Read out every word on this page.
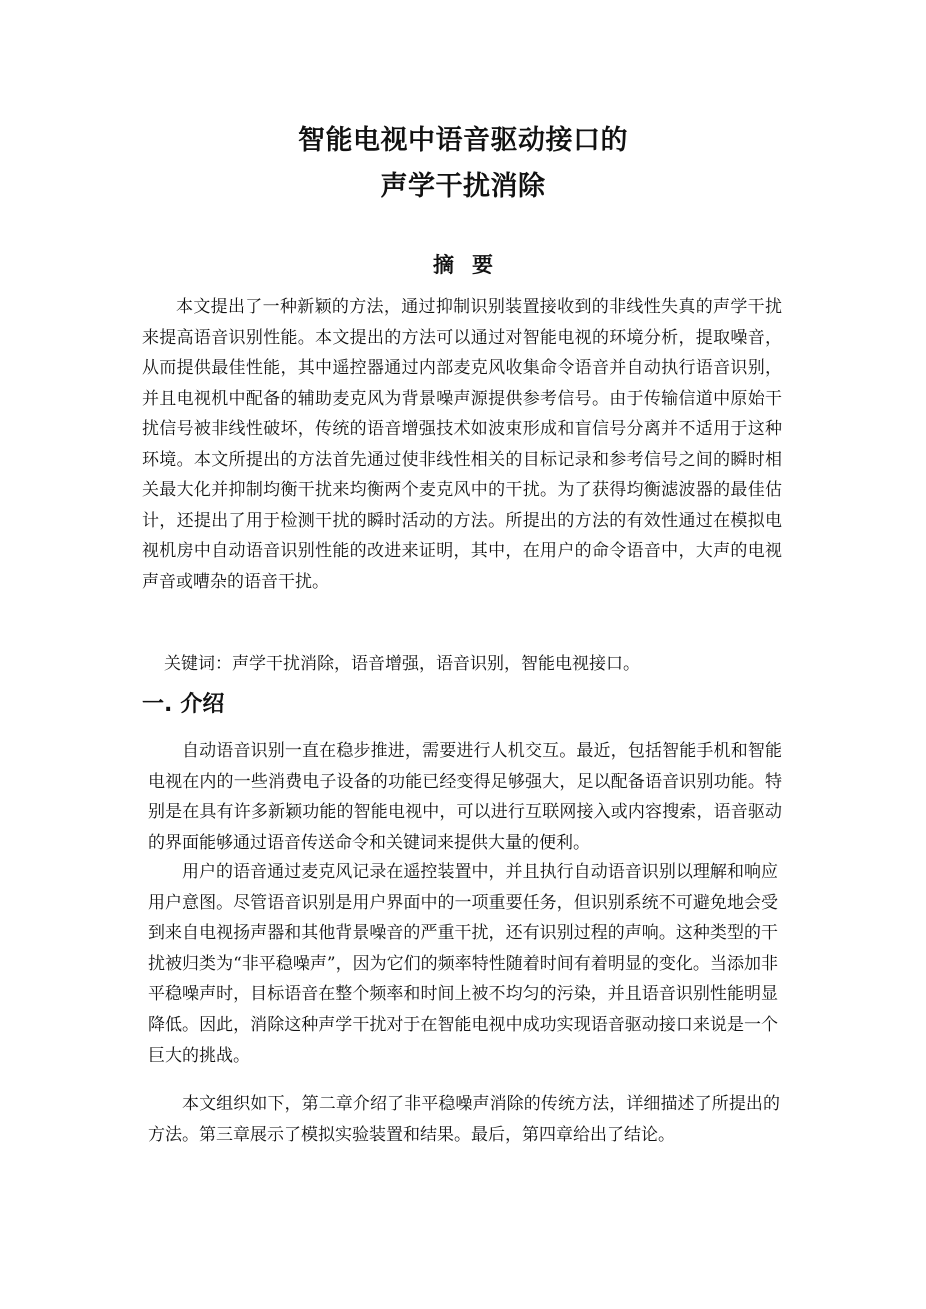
智能电视中语音驱动接口的
声学干扰消除
摘要

本文提出了一种新颖的方法，通过抑制识别装置接收到的非线性失真的声学干扰来提高语音识别性能。本文提出的方法可以通过对智能电视的环境分析，提取噪音，从而提供最佳性能，其中遥控器通过内部麦克风收集命令语音并自动执行语音识别，并且电视机中配备的辅助麦克风为背景噪声源提供参考信号。由于传输信道中原始干扰信号被非线性破坏，传统的语音增强技术如波束形成和盲信号分离并不适用于这种环境。本文所提出的方法首先通过使非线性相关的目标记录和参考信号之间的瞬时相关最大化并抑制均衡干扰来均衡两个麦克风中的干扰。为了获得均衡滤波器的最佳估计，还提出了用于检测干扰的瞬时活动的方法。所提出的方法的有效性通过在模拟电视机房中自动语音识别性能的改进来证明，其中，在用户的命令语音中，大声的电视声音或嘈杂的语音干扰。

关键词：声学干扰消除，语音增强，语音识别，智能电视接口。
一. 介绍

自动语音识别一直在稳步推进，需要进行人机交互。最近，包括智能手机和智能电视在内的一些消费电子设备的功能已经变得足够强大，足以配备语音识别功能。特别是在具有许多新颖功能的智能电视中，可以进行互联网接入或内容搜索，语音驱动的界面能够通过语音传送命令和关键词来提供大量的便利。

用户的语音通过麦克风记录在遥控装置中，并且执行自动语音识别以理解和响应用户意图。尽管语音识别是用户界面中的一项重要任务，但识别系统不可避免地会受到来自电视扬声器和其他背景噪音的严重干扰，还有识别过程的声响。这种类型的干扰被归类为“非平稳噪声”，因为它们的频率特性随着时间有着明显的变化。当添加非平稳噪声时，目标语音在整个频率和时间上被不均匀的污染，并且语音识别性能明显降低。因此，消除这种声学干扰对于在智能电视中成功实现语音驱动接口来说是一个巨大的挑战。

本文组织如下，第二章介绍了非平稳噪声消除的传统方法，详细描述了所提出的方法。第三章展示了模拟实验装置和结果。最后，第四章给出了结论。
